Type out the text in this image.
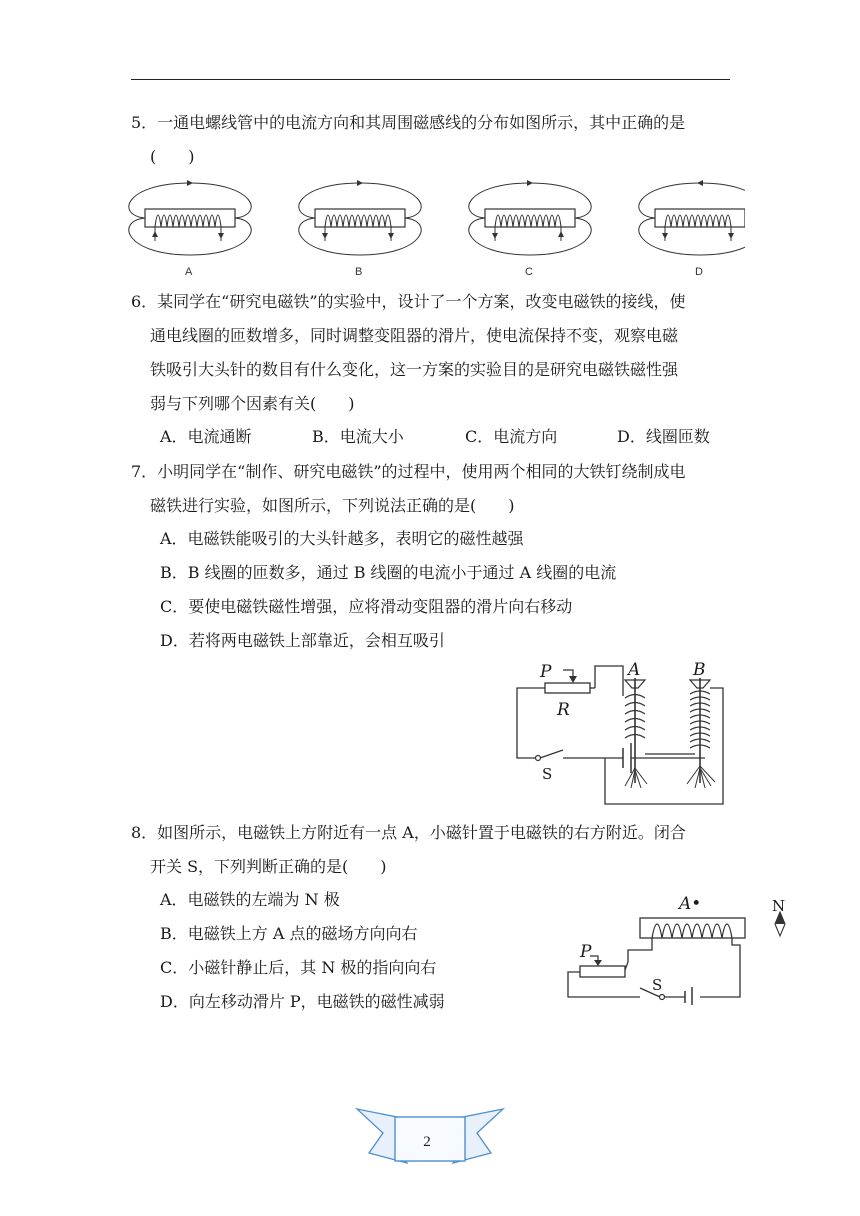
5．一通电螺线管中的电流方向和其周围磁感线的分布如图所示，其中正确的是
(　　)
A	B	C	D
6．某同学在“研究电磁铁”的实验中，设计了一个方案，改变电磁铁的接线，使
通电线圈的匝数增多，同时调整变阻器的滑片，使电流保持不变，观察电磁
铁吸引大头针的数目有什么变化，这一方案的实验目的是研究电磁铁磁性强
弱与下列哪个因素有关(　　)
A．电流通断	B．电流大小	C．电流方向	D．线圈匝数
7．小明同学在“制作、研究电磁铁”的过程中，使用两个相同的大铁钉绕制成电
磁铁进行实验，如图所示，下列说法正确的是(　　)
A．电磁铁能吸引的大头针越多，表明它的磁性越强
B．B 线圈的匝数多，通过 B 线圈的电流小于通过 A 线圈的电流
C．要使电磁铁磁性增强，应将滑动变阻器的滑片向右移动
D．若将两电磁铁上部靠近，会相互吸引
P
R
A	B
S
8．如图所示，电磁铁上方附近有一点 A，小磁针置于电磁铁的右方附近。闭合
开关 S，下列判断正确的是(　　)
A．电磁铁的左端为 N 极
B．电磁铁上方 A 点的磁场方向向右
C．小磁针静止后，其 N 极的指向向右
D．向左移动滑片 P，电磁铁的磁性减弱
A•	N
P
S
2
